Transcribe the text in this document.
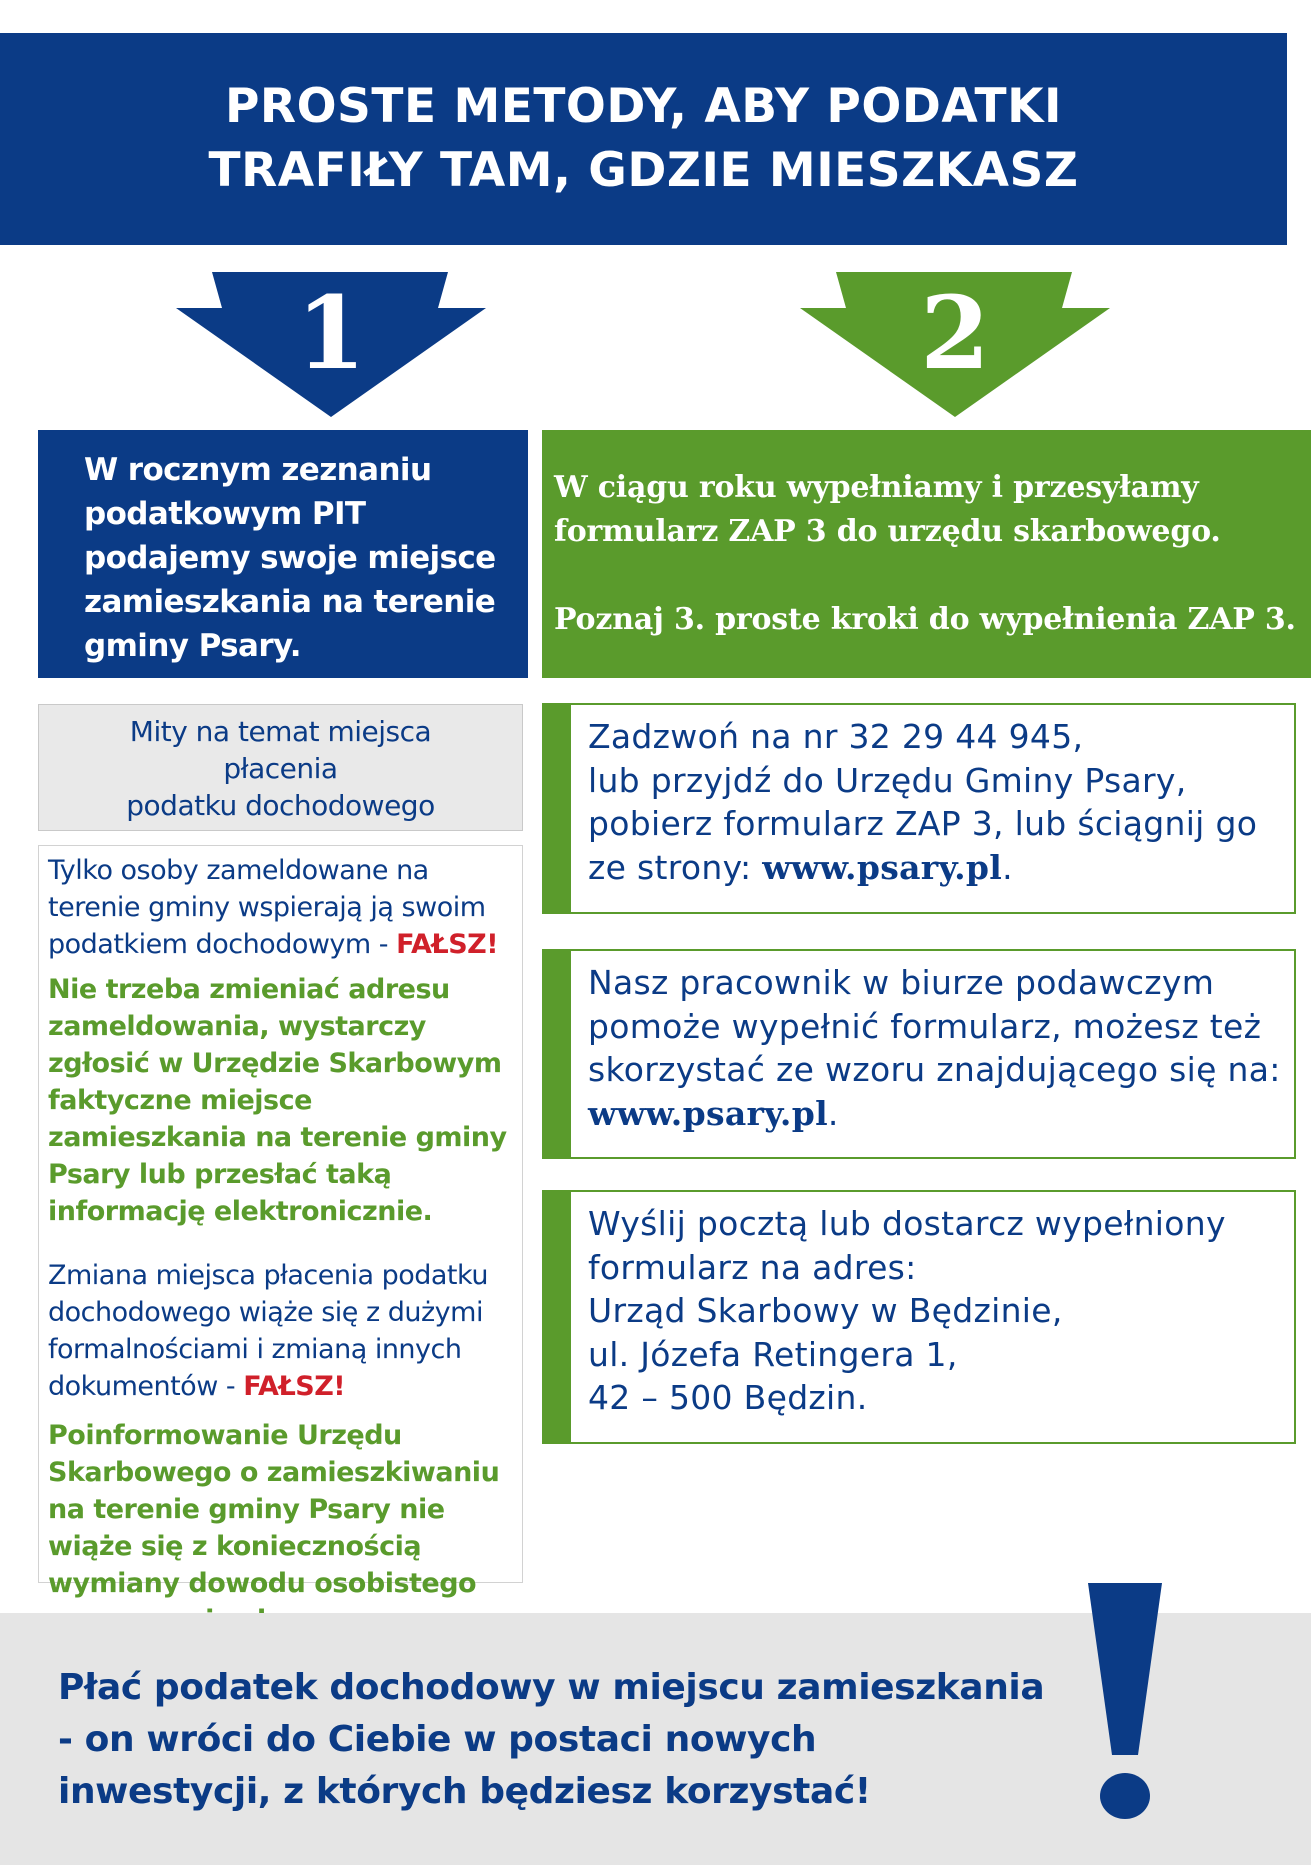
PROSTE METODY, ABY PODATKI
TRAFIŁY TAM, GDZIE MIESZKASZ
1	2
W rocznym zeznaniu
podatkowym PIT
podajemy swoje miejsce
zamieszkania na terenie
gminy Psary.
W ciągu roku wypełniamy i przesyłamy
formularz ZAP 3 do urzędu skarbowego.
Poznaj 3. proste kroki do wypełnienia ZAP 3.
Mity na temat miejsca
płacenia
podatku dochodowego
Tylko osoby zameldowane na terenie gminy wspierają ją swoim podatkiem dochodowym - FAŁSZ!
Nie trzeba zmieniać adresu zameldowania, wystarczy zgłosić w Urzędzie Skarbowym faktyczne miejsce zamieszkania na terenie gminy Psary lub przesłać taką informację elektronicznie.
Zmiana miejsca płacenia podatku dochodowego wiąże się z dużymi formalnościami i zmianą innych dokumentów - FAŁSZ!
Poinformowanie Urzędu Skarbowego o zamieszkiwaniu na terenie gminy Psary nie wiąże się z koniecznością wymiany dowodu osobistego
Zadzwoń na nr 32 29 44 945,
lub przyjdź do Urzędu Gminy Psary,
pobierz formularz ZAP 3, lub ściągnij go
ze strony: www.psary.pl.
Nasz pracownik w biurze podawczym
pomoże wypełnić formularz, możesz też
skorzystać ze wzoru znajdującego się na:
www.psary.pl.
Wyślij pocztą lub dostarcz wypełniony
formularz na adres:
Urząd Skarbowy w Będzinie,
ul. Józefa Retingera 1,
42 – 500 Będzin.
Płać podatek dochodowy w miejscu zamieszkania
- on wróci do Ciebie w postaci nowych
inwestycji, z których będziesz korzystać!
